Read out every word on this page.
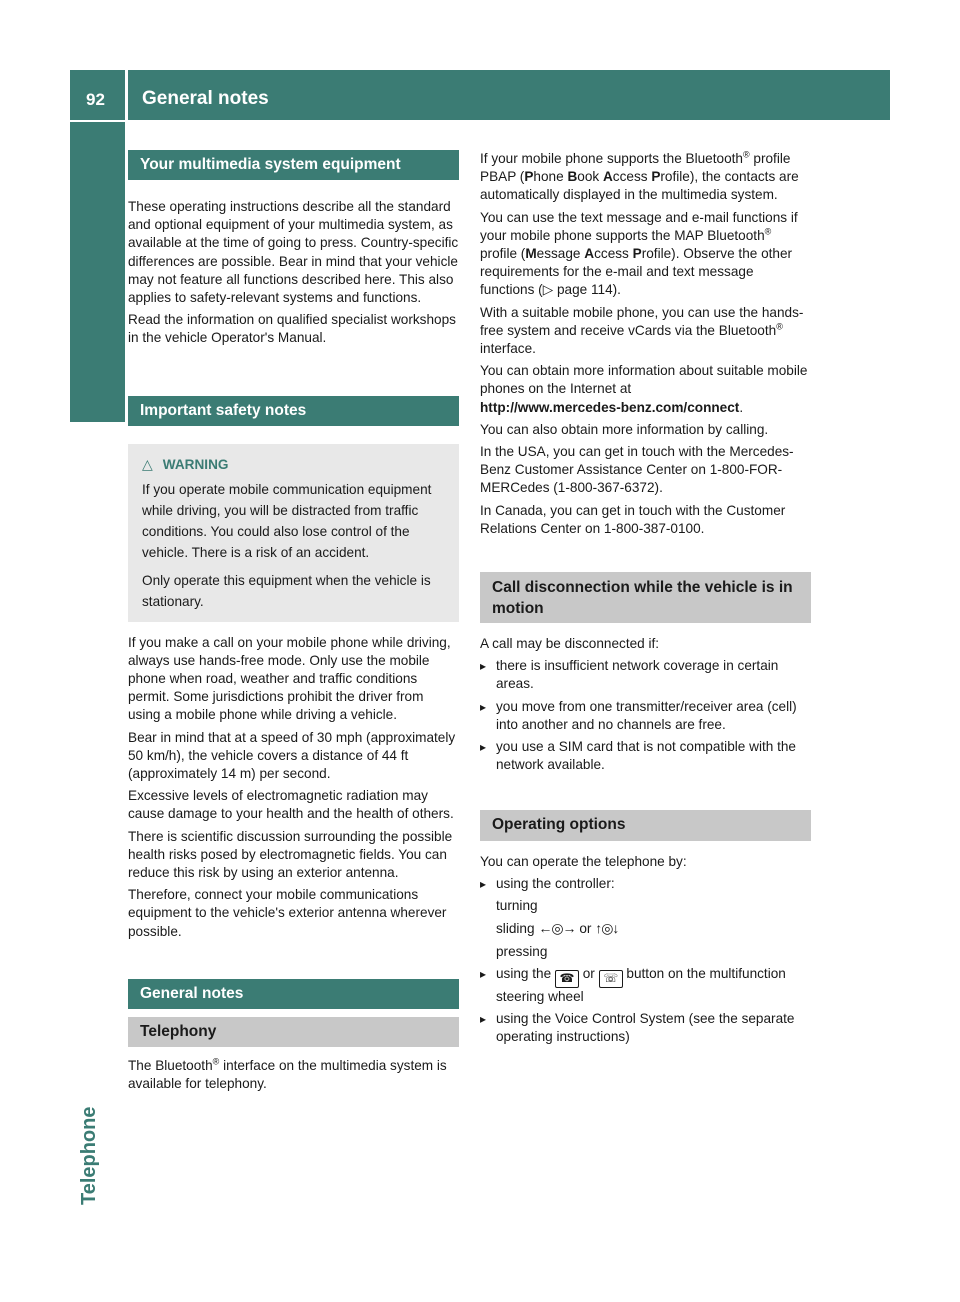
92	General notes
Telephone
Your multimedia system equipment

These operating instructions describe all the standard and optional equipment of your multimedia system, as available at the time of going to press. Country-specific differences are possible. Bear in mind that your vehicle may not feature all functions described here. This also applies to safety-relevant systems and functions.

Read the information on qualified specialist workshops in the vehicle Operator's Manual.

Important safety notes
△ WARNING

If you operate mobile communication equipment while driving, you will be distracted from traffic conditions. You could also lose control of the vehicle. There is a risk of an accident.

Only operate this equipment when the vehicle is stationary.

If you make a call on your mobile phone while driving, always use hands-free mode. Only use the mobile phone when road, weather and traffic conditions permit. Some jurisdictions prohibit the driver from using a mobile phone while driving a vehicle.

Bear in mind that at a speed of 30 mph (approximately 50 km/h), the vehicle covers a distance of 44 ft (approximately 14 m) per second.

Excessive levels of electromagnetic radiation may cause damage to your health and the health of others.

There is scientific discussion surrounding the possible health risks posed by electromagnetic fields. You can reduce this risk by using an exterior antenna.

Therefore, connect your mobile communications equipment to the vehicle's exterior antenna wherever possible.

General notes
Telephony

The Bluetooth® interface on the multimedia system is available for telephony.

If your mobile phone supports the Bluetooth® profile PBAP (Phone Book Access Profile), the contacts are automatically displayed in the multimedia system.

You can use the text message and e-mail functions if your mobile phone supports the MAP Bluetooth® profile (Message Access Profile). Observe the other requirements for the e-mail and text message functions (▷ page 114).

With a suitable mobile phone, you can use the hands-free system and receive vCards via the Bluetooth® interface.

You can obtain more information about suitable mobile phones on the Internet at
http://www.mercedes-benz.com/connect.

You can also obtain more information by calling.

In the USA, you can get in touch with the Mercedes-Benz Customer Assistance Center on 1-800-FOR-MERCedes (1-800-367-6372).

In Canada, you can get in touch with the Customer Relations Center on 1-800-387-0100.

Call disconnection while the vehicle is in motion

A call may be disconnected if:

▸ there is insufficient network coverage in certain areas.
▸ you move from one transmitter/receiver area (cell) into another and no channels are free.
▸ you use a SIM card that is not compatible with the network available.
Operating options

You can operate the telephone by:

▸ using the controller:
turning
sliding ←◎→ or ↑◎↓
pressing
▸ using the ☎ or ☏ button on the multifunction steering wheel
▸ using the Voice Control System (see the separate operating instructions)
